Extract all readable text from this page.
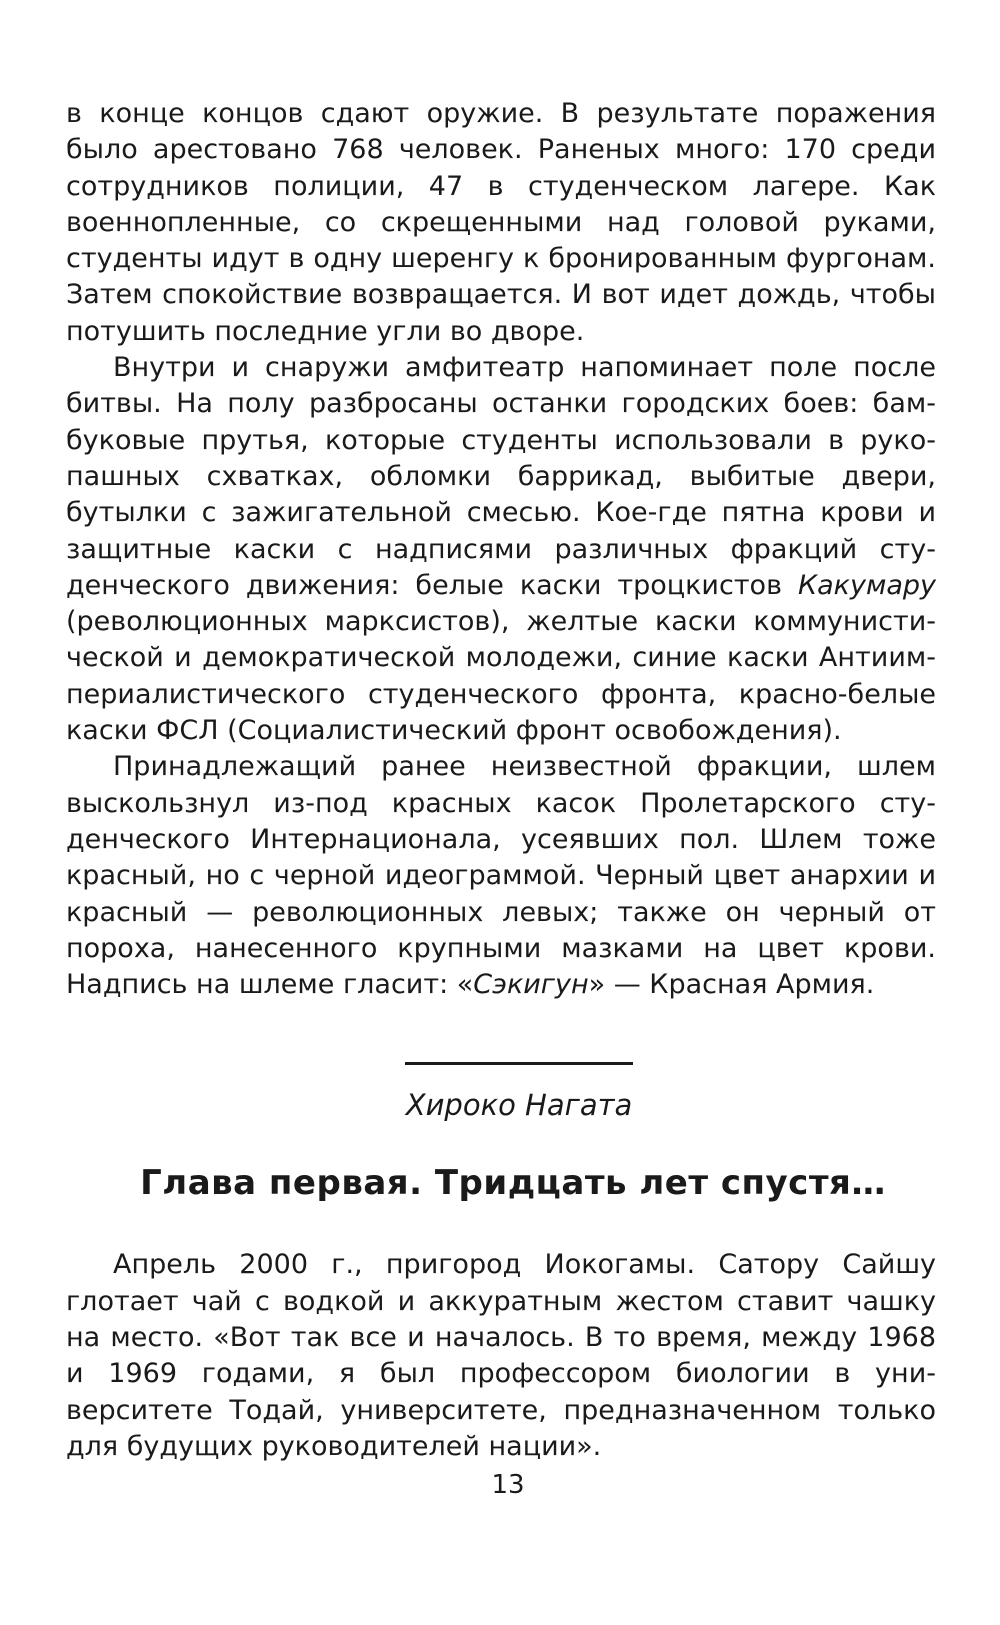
в конце концов сдают оружие. В результате поражения было арестовано 768 человек. Раненых много: 170 среди сотрудников полиции, 47 в студенческом лагере. Как военнопленные, со скрещенными над головой руками, студенты идут в одну шеренгу к бронированным фургонам. Затем спокойствие возвращается. И вот идет дождь, чтобы потушить последние угли во дворе.

Внутри и снаружи амфитеатр напоминает поле после битвы. На полу разбросаны останки городских боев: бамбуковые прутья, которые студенты использовали в рукопашных схватках, обломки баррикад, выбитые двери, бутылки с зажигательной смесью. Кое-где пятна крови и защитные каски с надписями различных фракций студенческого движения: белые каски троцкистов Какумару (революционных марксистов), желтые каски коммунистической и демократической молодежи, синие каски Антиимпериалистического студенческого фронта, красно-белые каски ФСЛ (Социалистический фронт освобождения).

Принадлежащий ранее неизвестной фракции, шлем выскользнул из-под красных касок Пролетарского студенческого Интернационала, усеявших пол. Шлем тоже красный, но с черной идеограммой. Черный цвет анархии и красный — революционных левых; также он черный от пороха, нанесенного крупными мазками на цвет крови. Надпись на шлеме гласит: «Сэкигун» — Красная Армия.

Хироко Нагата

Глава первая. Тридцать лет спустя…

Апрель 2000 г., пригород Иокогамы. Сатору Сайшу глотает чай с водкой и аккуратным жестом ставит чашку на место. «Вот так все и началось. В то время, между 1968 и 1969 годами, я был профессором биологии в университете Тодай, университете, предназначенном только для будущих руководителей нации».

13
